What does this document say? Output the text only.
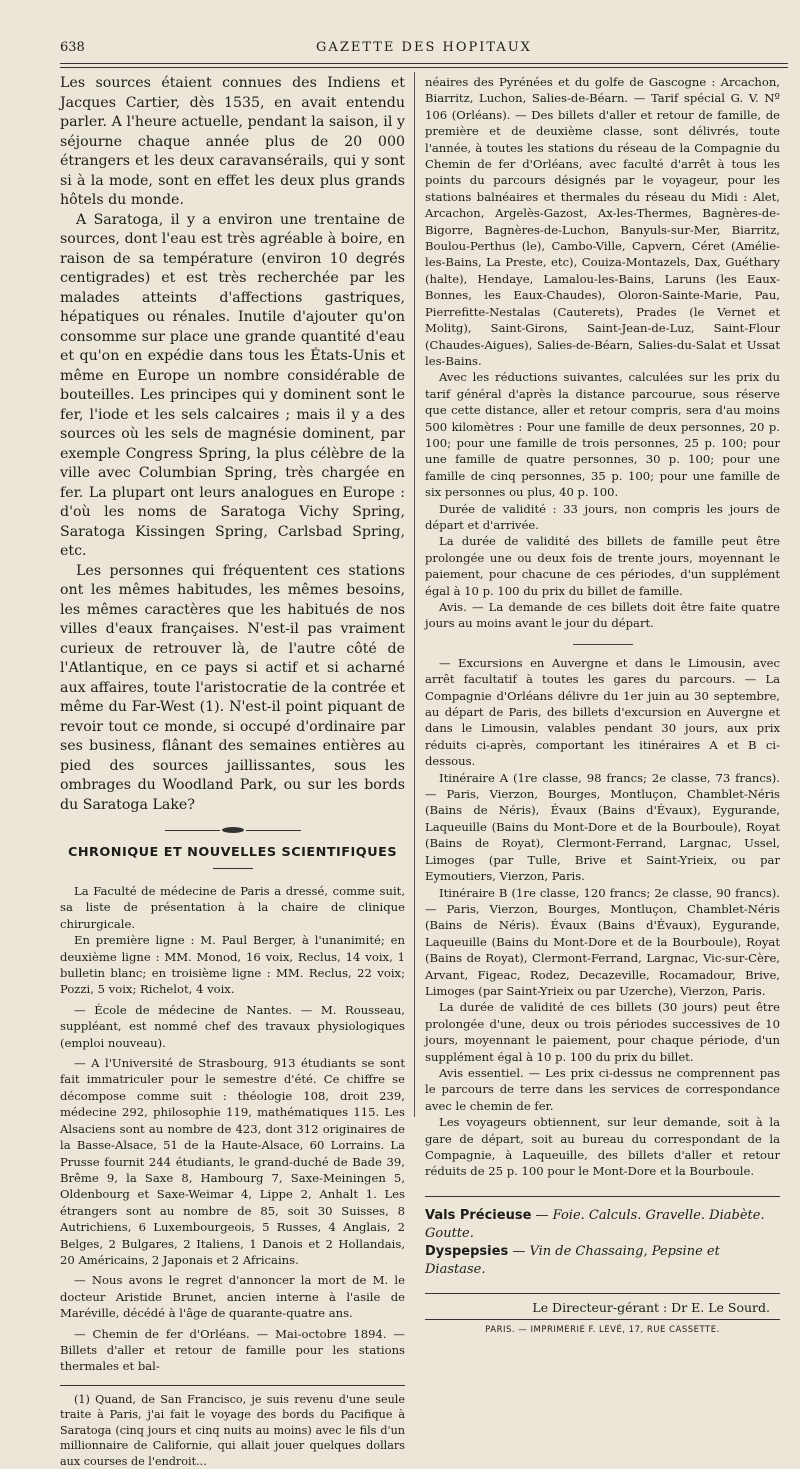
638	GAZETTE DES HOPITAUX

Les sources étaient connues des Indiens et Jacques Cartier, dès 1535, en avait entendu parler. A l'heure actuelle, pendant la saison, il y séjourne chaque année plus de 20 000 étrangers et les deux caravansérails, qui y sont si à la mode, sont en effet les deux plus grands hôtels du monde.

A Saratoga, il y a environ une trentaine de sources, dont l'eau est très agréable à boire, en raison de sa température (environ 10 degrés centigrades) et est très recherchée par les malades atteints d'affections gastriques, hépatiques ou rénales. Inutile d'ajouter qu'on consomme sur place une grande quantité d'eau et qu'on en expédie dans tous les États-Unis et même en Europe un nombre considérable de bouteilles. Les principes qui y dominent sont le fer, l'iode et les sels calcaires ; mais il y a des sources où les sels de magnésie dominent, par exemple Congress Spring, la plus célèbre de la ville avec Columbian Spring, très chargée en fer. La plupart ont leurs analogues en Europe : d'où les noms de Saratoga Vichy Spring, Saratoga Kissingen Spring, Carlsbad Spring, etc.

Les personnes qui fréquentent ces stations ont les mêmes habitudes, les mêmes besoins, les mêmes caractères que les habitués de nos villes d'eaux françaises. N'est-il pas vraiment curieux de retrouver là, de l'autre côté de l'Atlantique, en ce pays si actif et si acharné aux affaires, toute l'aristocratie de la contrée et même du Far-West (1). N'est-il point piquant de revoir tout ce monde, si occupé d'ordinaire par ses business, flânant des semaines entières au pied des sources jaillissantes, sous les ombrages du Woodland Park, ou sur les bords du Saratoga Lake?

CHRONIQUE ET NOUVELLES SCIENTIFIQUES

La Faculté de médecine de Paris a dressé, comme suit, sa liste de présentation à la chaire de clinique chirurgicale.

En première ligne : M. Paul Berger, à l'unanimité; en deuxième ligne : MM. Monod, 16 voix, Reclus, 14 voix, 1 bulletin blanc; en troisième ligne : MM. Reclus, 22 voix; Pozzi, 5 voix; Richelot, 4 voix.

— École de médecine de Nantes. — M. Rousseau, suppléant, est nommé chef des travaux physiologiques (emploi nouveau).

— A l'Université de Strasbourg, 913 étudiants se sont fait immatriculer pour le semestre d'été. Ce chiffre se décompose comme suit : théologie 108, droit 239, médecine 292, philosophie 119, mathématiques 115. Les Alsaciens sont au nombre de 423, dont 312 originaires de la Basse-Alsace, 51 de la Haute-Alsace, 60 Lorrains. La Prusse fournit 244 étudiants, le grand-duché de Bade 39, Brême 9, la Saxe 8, Hambourg 7, Saxe-Meiningen 5, Oldenbourg et Saxe-Weimar 4, Lippe 2, Anhalt 1. Les étrangers sont au nombre de 85, soit 30 Suisses, 8 Autrichiens, 6 Luxembourgeois, 5 Russes, 4 Anglais, 2 Belges, 2 Bulgares, 2 Italiens, 1 Danois et 2 Hollandais, 20 Américains, 2 Japonais et 2 Africains.

— Nous avons le regret d'annoncer la mort de M. le docteur Aristide Brunet, ancien interne à l'asile de Maréville, décédé à l'âge de quarante-quatre ans.

— Chemin de fer d'Orléans. — Mai-octobre 1894. — Billets d'aller et retour de famille pour les stations thermales et bal-

(1) Quand, de San Francisco, je suis revenu d'une seule traite à Paris, j'ai fait le voyage des bords du Pacifique à Saratoga (cinq jours et cinq nuits au moins) avec le fils d'un millionnaire de Californie, qui allait jouer quelques dollars aux courses de l'endroit...

néaires des Pyrénées et du golfe de Gascogne : Arcachon, Biarritz, Luchon, Salies-de-Béarn. — Tarif spécial G. V. Nº 106 (Orléans). — Des billets d'aller et retour de famille, de première et de deuxième classe, sont délivrés, toute l'année, à toutes les stations du réseau de la Compagnie du Chemin de fer d'Orléans, avec faculté d'arrêt à tous les points du parcours désignés par le voyageur, pour les stations balnéaires et thermales du réseau du Midi : Alet, Arcachon, Argelès-Gazost, Ax-les-Thermes, Bagnères-de-Bigorre, Bagnères-de-Luchon, Banyuls-sur-Mer, Biarritz, Boulou-Perthus (le), Cambo-Ville, Capvern, Céret (Amélie-les-Bains, La Preste, etc), Couiza-Montazels, Dax, Guéthary (halte), Hendaye, Lamalou-les-Bains, Laruns (les Eaux-Bonnes, les Eaux-Chaudes), Oloron-Sainte-Marie, Pau, Pierrefitte-Nestalas (Cauterets), Prades (le Vernet et Molitg), Saint-Girons, Saint-Jean-de-Luz, Saint-Flour (Chaudes-Aigues), Salies-de-Béarn, Salies-du-Salat et Ussat les-Bains.

Avec les réductions suivantes, calculées sur les prix du tarif général d'après la distance parcourue, sous réserve que cette distance, aller et retour compris, sera d'au moins 500 kilomètres : Pour une famille de deux personnes, 20 p. 100; pour une famille de trois personnes, 25 p. 100; pour une famille de quatre personnes, 30 p. 100; pour une famille de cinq personnes, 35 p. 100; pour une famille de six personnes ou plus, 40 p. 100.

Durée de validité : 33 jours, non compris les jours de départ et d'arrivée.

La durée de validité des billets de famille peut être prolongée une ou deux fois de trente jours, moyennant le paiement, pour chacune de ces périodes, d'un supplément égal à 10 p. 100 du prix du billet de famille.

Avis. — La demande de ces billets doit être faite quatre jours au moins avant le jour du départ.

— Excursions en Auvergne et dans le Limousin, avec arrêt facultatif à toutes les gares du parcours. — La Compagnie d'Orléans délivre du 1er juin au 30 septembre, au départ de Paris, des billets d'excursion en Auvergne et dans le Limousin, valables pendant 30 jours, aux prix réduits ci-après, comportant les itinéraires A et B ci-dessous.

Itinéraire A (1re classe, 98 francs; 2e classe, 73 francs). — Paris, Vierzon, Bourges, Montluçon, Chamblet-Néris (Bains de Néris), Évaux (Bains d'Évaux), Eygurande, Laqueuille (Bains du Mont-Dore et de la Bourboule), Royat (Bains de Royat), Clermont-Ferrand, Largnac, Ussel, Limoges (par Tulle, Brive et Saint-Yrieix, ou par Eymoutiers, Vierzon, Paris.

Itinéraire B (1re classe, 120 francs; 2e classe, 90 francs). — Paris, Vierzon, Bourges, Montluçon, Chamblet-Néris (Bains de Néris). Évaux (Bains d'Évaux), Eygurande, Laqueuille (Bains du Mont-Dore et de la Bourboule), Royat (Bains de Royat), Clermont-Ferrand, Largnac, Vic-sur-Cère, Arvant, Figeac, Rodez, Decazeville, Rocamadour, Brive, Limoges (par Saint-Yrieix ou par Uzerche), Vierzon, Paris.

La durée de validité de ces billets (30 jours) peut être prolongée d'une, deux ou trois périodes successives de 10 jours, moyennant le paiement, pour chaque période, d'un supplément égal à 10 p. 100 du prix du billet.

Avis essentiel. — Les prix ci-dessus ne comprennent pas le parcours de terre dans les services de correspondance avec le chemin de fer.

Les voyageurs obtiennent, sur leur demande, soit à la gare de départ, soit au bureau du correspondant de la Compagnie, à Laqueuille, des billets d'aller et retour réduits de 25 p. 100 pour le Mont-Dore et la Bourboule.

Vals Précieuse — Foie. Calculs. Gravelle. Diabète. Goutte.
Dyspepsies — Vin de Chassaing, Pepsine et Diastase.
Le Directeur-gérant : Dr E. Le Sourd.
PARIS. — IMPRIMERIE F. LEVÉ, 17, RUE CASSETTE.
